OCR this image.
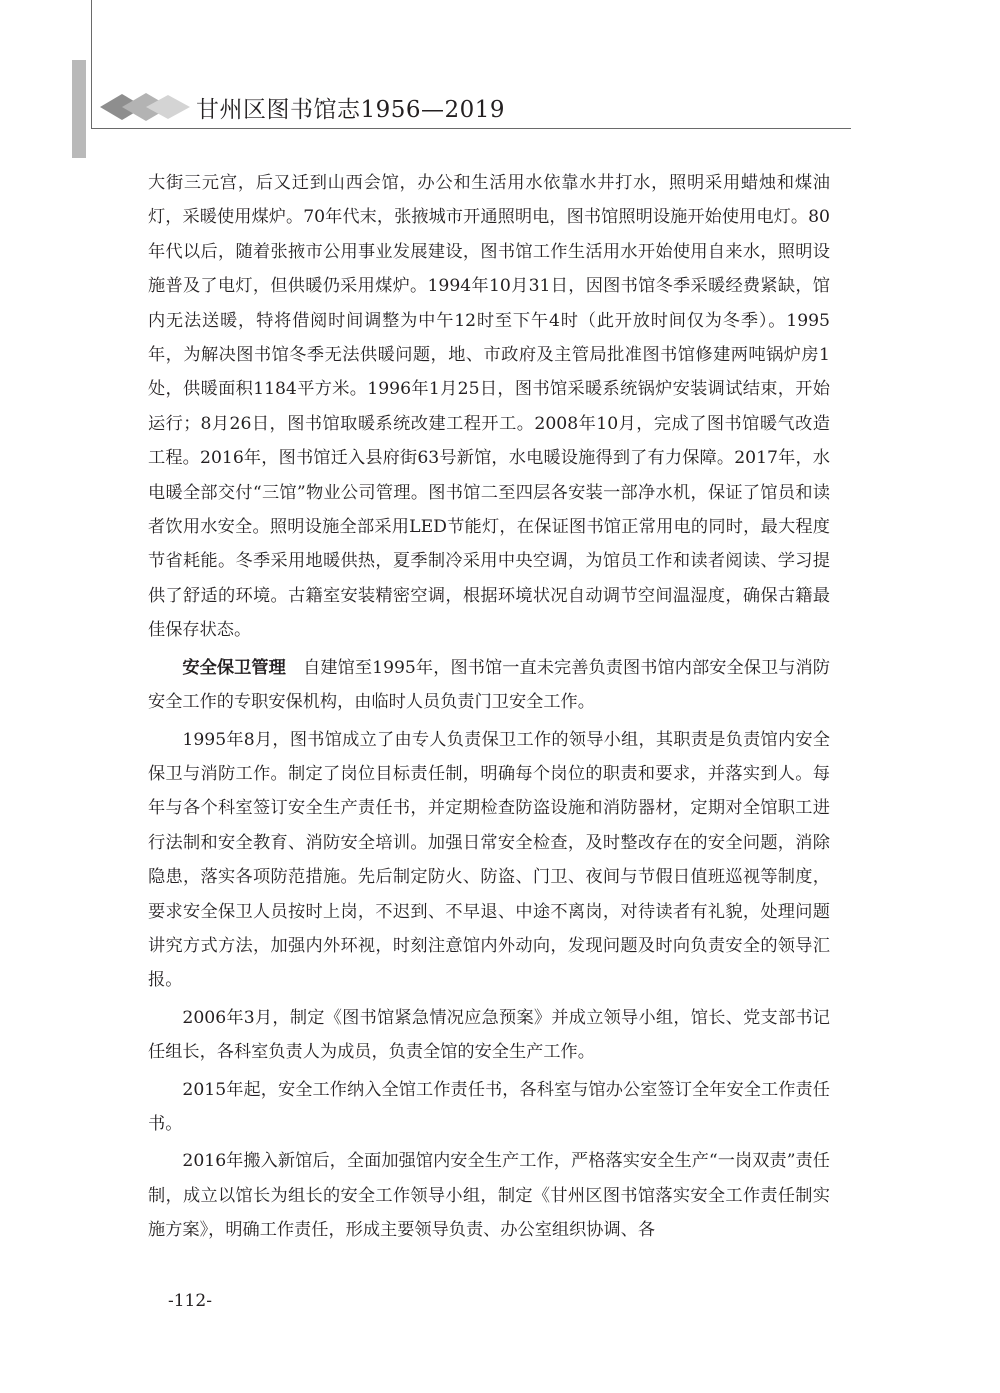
甘州区图书馆志1956—2019

大街三元宫，后又迁到山西会馆，办公和生活用水依靠水井打水，照明采用蜡烛和煤油灯，采暖使用煤炉。70年代末，张掖城市开通照明电，图书馆照明设施开始使用电灯。80年代以后，随着张掖市公用事业发展建设，图书馆工作生活用水开始使用自来水，照明设施普及了电灯，但供暖仍采用煤炉。1994年10月31日，因图书馆冬季采暖经费紧缺，馆内无法送暖，特将借阅时间调整为中午12时至下午4时（此开放时间仅为冬季）。1995年，为解决图书馆冬季无法供暖问题，地、市政府及主管局批准图书馆修建两吨锅炉房1处，供暖面积1184平方米。1996年1月25日，图书馆采暖系统锅炉安装调试结束，开始运行；8月26日，图书馆取暖系统改建工程开工。2008年10月，完成了图书馆暖气改造工程。2016年，图书馆迁入县府街63号新馆，水电暖设施得到了有力保障。2017年，水电暖全部交付“三馆”物业公司管理。图书馆二至四层各安装一部净水机，保证了馆员和读者饮用水安全。照明设施全部采用LED节能灯，在保证图书馆正常用电的同时，最大程度节省耗能。冬季采用地暖供热，夏季制冷采用中央空调，为馆员工作和读者阅读、学习提供了舒适的环境。古籍室安装精密空调，根据环境状况自动调节空间温湿度，确保古籍最佳保存状态。

安全保卫管理 自建馆至1995年，图书馆一直未完善负责图书馆内部安全保卫与消防安全工作的专职安保机构，由临时人员负责门卫安全工作。

1995年8月，图书馆成立了由专人负责保卫工作的领导小组，其职责是负责馆内安全保卫与消防工作。制定了岗位目标责任制，明确每个岗位的职责和要求，并落实到人。每年与各个科室签订安全生产责任书，并定期检查防盗设施和消防器材，定期对全馆职工进行法制和安全教育、消防安全培训。加强日常安全检查，及时整改存在的安全问题，消除隐患，落实各项防范措施。先后制定防火、防盗、门卫、夜间与节假日值班巡视等制度，要求安全保卫人员按时上岗，不迟到、不早退、中途不离岗，对待读者有礼貌，处理问题讲究方式方法，加强内外环视，时刻注意馆内外动向，发现问题及时向负责安全的领导汇报。

2006年3月，制定《图书馆紧急情况应急预案》并成立领导小组，馆长、党支部书记任组长，各科室负责人为成员，负责全馆的安全生产工作。

2015年起，安全工作纳入全馆工作责任书，各科室与馆办公室签订全年安全工作责任书。

2016年搬入新馆后，全面加强馆内安全生产工作，严格落实安全生产“一岗双责”责任制，成立以馆长为组长的安全工作领导小组，制定《甘州区图书馆落实安全工作责任制实施方案》，明确工作责任，形成主要领导负责、办公室组织协调、各

-112-
